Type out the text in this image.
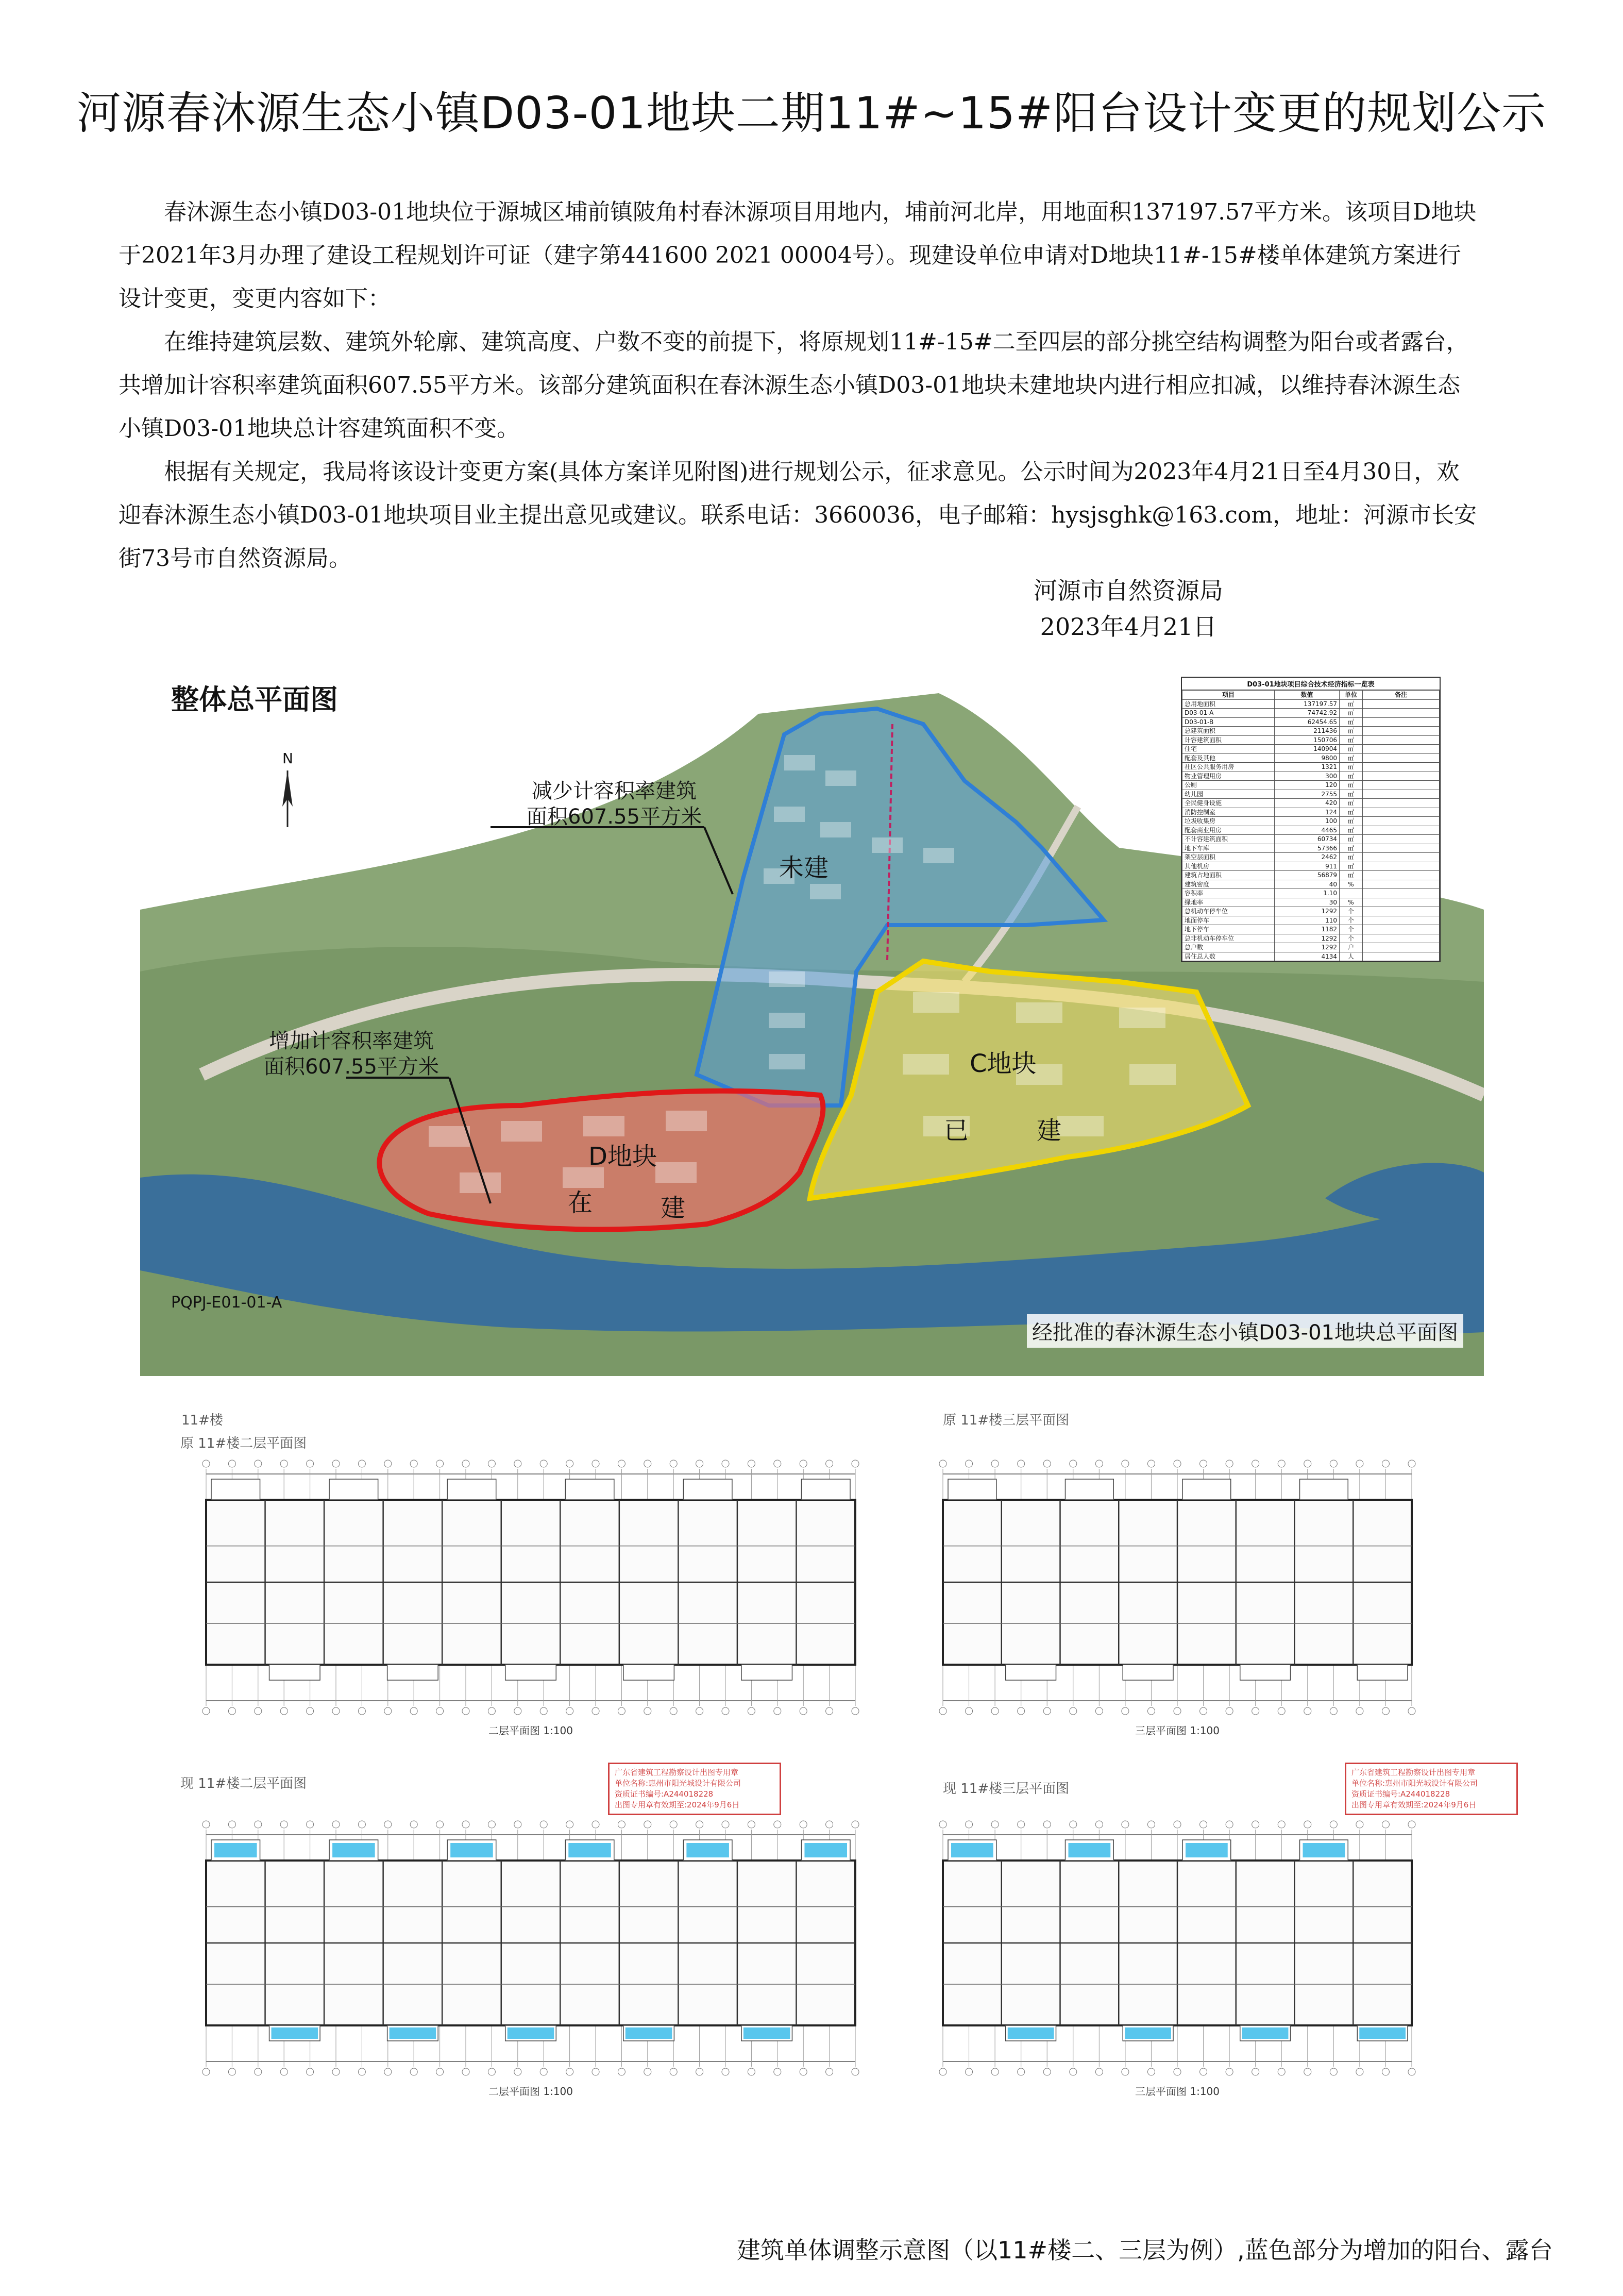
河源春沐源生态小镇D03-01地块二期11#~15#阳台设计变更的规划公示

春沐源生态小镇D03-01地块位于源城区埔前镇陂角村春沐源项目用地内，埔前河北岸，用地面积137197.57平方米。该项目D地块于2021年3月办理了建设工程规划许可证（建字第441600 2021 00004号）。现建设单位申请对D地块11#-15#楼单体建筑方案进行设计变更，变更内容如下：

在维持建筑层数、建筑外轮廓、建筑高度、户数不变的前提下，将原规划11#-15#二至四层的部分挑空结构调整为阳台或者露台，共增加计容积率建筑面积607.55平方米。该部分建筑面积在春沐源生态小镇D03-01地块未建地块内进行相应扣减，以维持春沐源生态小镇D03-01地块总计容建筑面积不变。

根据有关规定，我局将该设计变更方案(具体方案详见附图)进行规划公示，征求意见。公示时间为2023年4月21日至4月30日，欢迎春沐源生态小镇D03-01地块项目业主提出意见或建议。联系电话：3660036，电子邮箱：hysjsghk@163.com，地址：河源市长安街73号市自然资源局。

河源市自然资源局
2023年4月21日
整体总平面图
N
减少计容积率建筑
面积607.55平方米
增加计容积率建筑
面积607.55平方米
未建
D地块
在	建
C地块
已	建
PQPJ-E01-01-A
经批准的春沐源生态小镇D03-01地块总平面图
D03-01地块项目综合技术经济指标一览表
项目	数值	单位	备注
总用地面积	137197.57	㎡	
D03-01-A	74742.92	㎡	
D03-01-B	62454.65	㎡	
总建筑面积	211436	㎡	
计容建筑面积	150706	㎡	
住宅	140904	㎡	
配套及其他	9800	㎡	
社区公共服务用房	1321	㎡	
物业管理用房	300	㎡	
公厕	120	㎡	
幼儿园	2755	㎡	
全民健身设施	420	㎡	
消防控制室	124	㎡	
垃圾收集房	100	㎡	
配套商业用房	4465	㎡	
不计容建筑面积	60734	㎡	
地下车库	57366	㎡	
架空层面积	2462	㎡	
其他机房	911	㎡	
建筑占地面积	56879	㎡	
建筑密度	40	%	
容积率	1.10		
绿地率	30	%	
总机动车停车位	1292	个	
地面停车	110	个	
地下停车	1182	个	
总非机动车停车位	1292	个	
总户数	1292	户	
居住总人数	4134	人	
11#楼
原 11#楼二层平面图
原 11#楼三层平面图
现 11#楼二层平面图	现 11#楼三层平面图
二层平面图 1:100	三层平面图 1:100
二层平面图 1:100	三层平面图 1:100
广东省建筑工程勘察设计出图专用章
单位名称:惠州市阳光城设计有限公司
资质证书编号:A244018228
出图专用章有效期至:2024年9月6日
广东省建筑工程勘察设计出图专用章
单位名称:惠州市阳光城设计有限公司
资质证书编号:A244018228
出图专用章有效期至:2024年9月6日
建筑单体调整示意图（以11#楼二、三层为例）,蓝色部分为增加的阳台、露台
